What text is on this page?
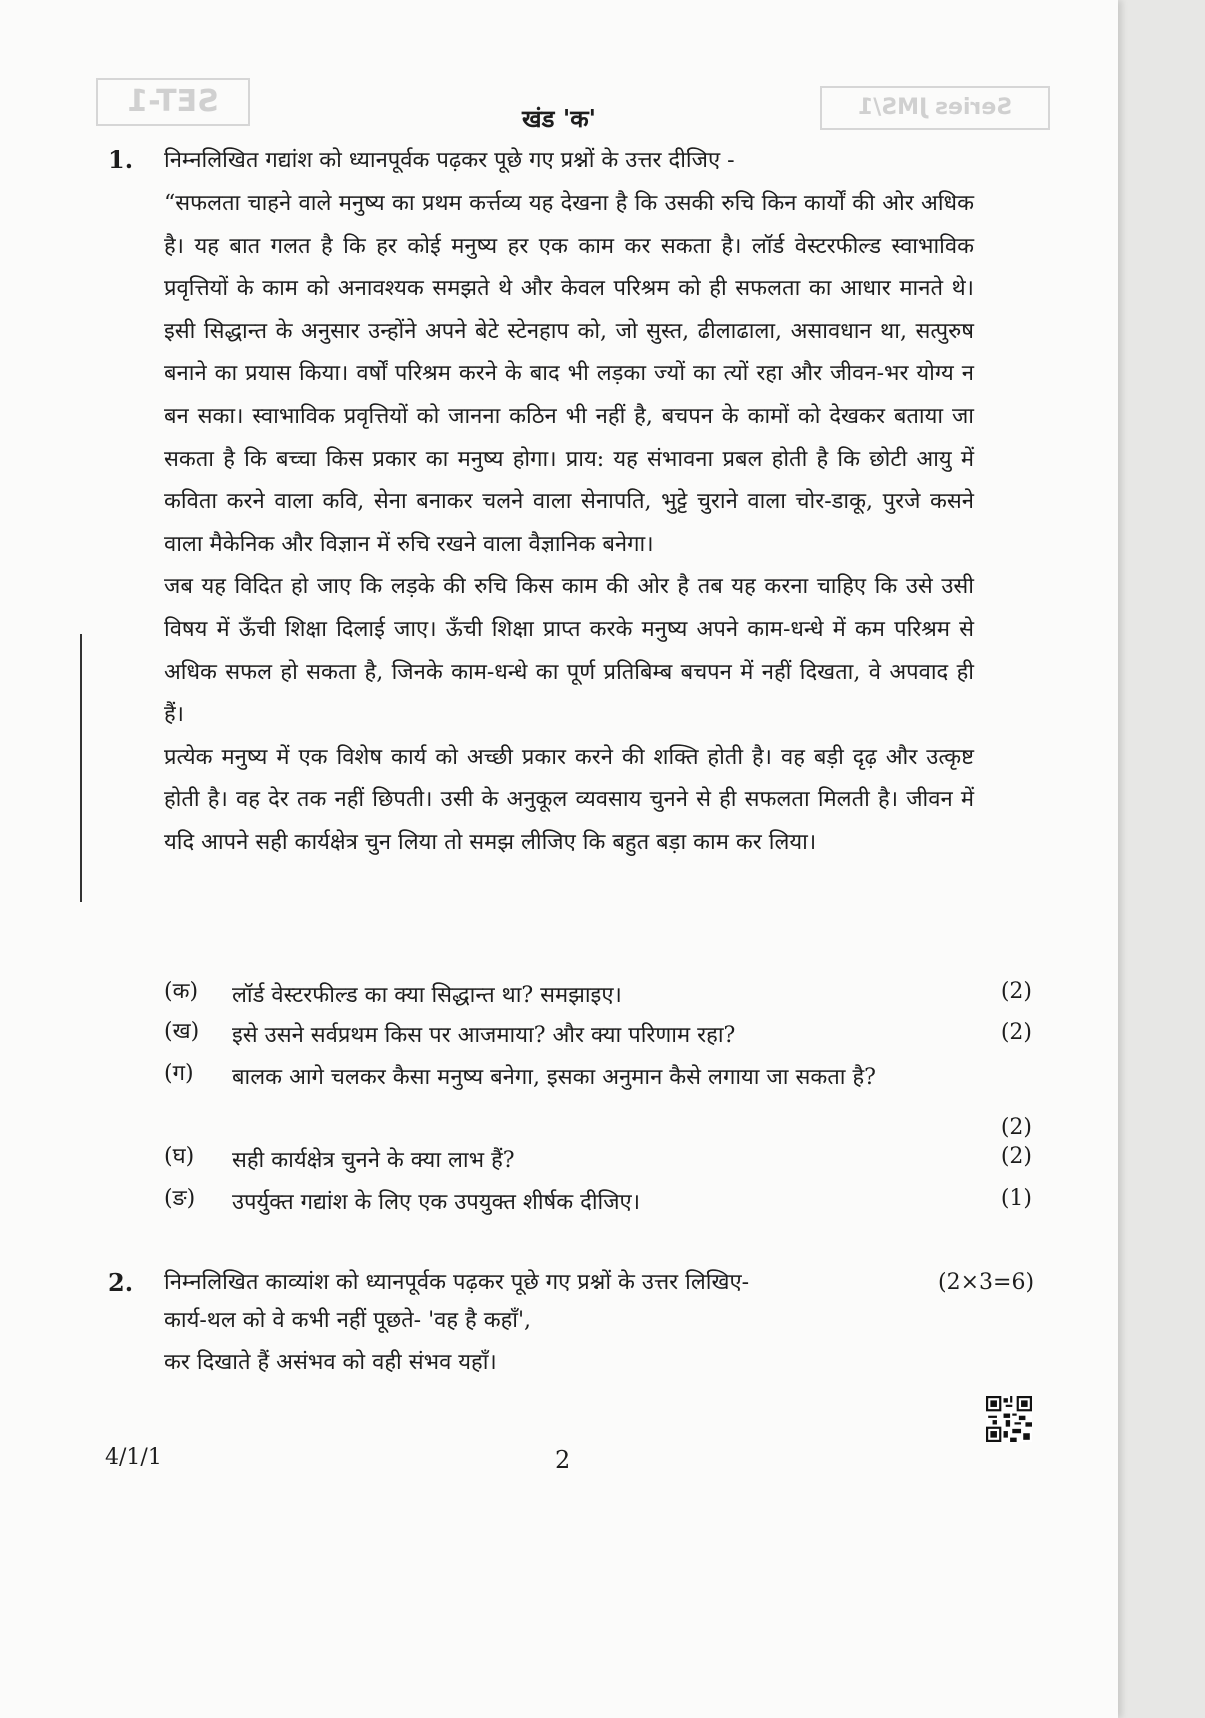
SET-1	Series JMS/1
खंड 'क'
1. निम्नलिखित गद्यांश को ध्यानपूर्वक पढ़कर पूछे गए प्रश्नों के उत्तर दीजिए -

“सफलता चाहने वाले मनुष्य का प्रथम कर्त्तव्य यह देखना है कि उसकी रुचि किन कार्यों की ओर अधिक है। यह बात गलत है कि हर कोई मनुष्य हर एक काम कर सकता है। लॉर्ड वेस्टरफील्ड स्वाभाविक प्रवृत्तियों के काम को अनावश्यक समझते थे और केवल परिश्रम को ही सफलता का आधार मानते थे। इसी सिद्धान्त के अनुसार उन्होंने अपने बेटे स्टेनहाप को, जो सुस्त, ढीलाढाला, असावधान था, सत्पुरुष बनाने का प्रयास किया। वर्षों परिश्रम करने के बाद भी लड़का ज्यों का त्यों रहा और जीवन-भर योग्य न बन सका। स्वाभाविक प्रवृत्तियों को जानना कठिन भी नहीं है, बचपन के कामों को देखकर बताया जा सकता है कि बच्चा किस प्रकार का मनुष्य होगा। प्राय: यह संभावना प्रबल होती है कि छोटी आयु में कविता करने वाला कवि, सेना बनाकर चलने वाला सेनापति, भुट्टे चुराने वाला चोर-डाकू, पुरजे कसने वाला मैकेनिक और विज्ञान में रुचि रखने वाला वैज्ञानिक बनेगा।

जब यह विदित हो जाए कि लड़के की रुचि किस काम की ओर है तब यह करना चाहिए कि उसे उसी विषय में ऊँची शिक्षा दिलाई जाए। ऊँची शिक्षा प्राप्त करके मनुष्य अपने काम-धन्धे में कम परिश्रम से अधिक सफल हो सकता है, जिनके काम-धन्धे का पूर्ण प्रतिबिम्ब बचपन में नहीं दिखता, वे अपवाद ही हैं।

प्रत्येक मनुष्य में एक विशेष कार्य को अच्छी प्रकार करने की शक्ति होती है। वह बड़ी दृढ़ और उत्कृष्ट होती है। वह देर तक नहीं छिपती। उसी के अनुकूल व्यवसाय चुनने से ही सफलता मिलती है। जीवन में यदि आपने सही कार्यक्षेत्र चुन लिया तो समझ लीजिए कि बहुत बड़ा काम कर लिया।

(क) लॉर्ड वेस्टरफील्ड का क्या सिद्धान्त था? समझाइए।	(2)
(ख) इसे उसने सर्वप्रथम किस पर आजमाया? और क्या परिणाम रहा?	(2)
(ग) बालक आगे चलकर कैसा मनुष्य बनेगा, इसका अनुमान कैसे लगाया जा सकता है?
(2)
(घ) सही कार्यक्षेत्र चुनने के क्या लाभ हैं?	(2)
(ङ) उपर्युक्त गद्यांश के लिए एक उपयुक्त शीर्षक दीजिए।	(1)
2. निम्नलिखित काव्यांश को ध्यानपूर्वक पढ़कर पूछे गए प्रश्नों के उत्तर लिखिए-	(2×3=6)
कार्य-थल को वे कभी नहीं पूछते- 'वह है कहाँ',
कर दिखाते हैं असंभव को वही संभव यहाँ।
4/1/1	2
